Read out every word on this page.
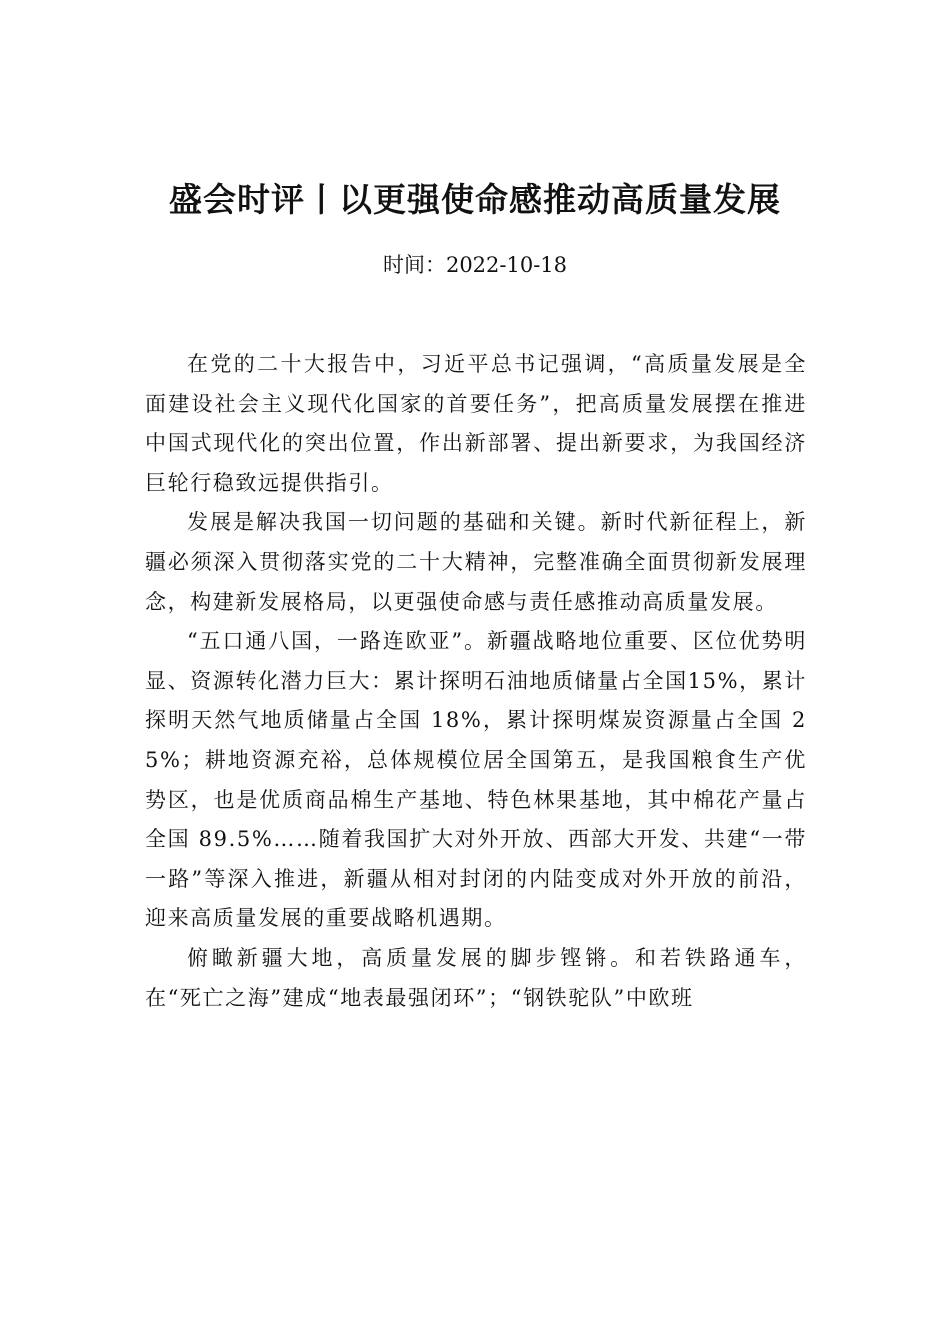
盛会时评丨以更强使命感推动高质量发展
时间：2022-10-18

在党的二十大报告中，习近平总书记强调，“高质量发展是全面建设社会主义现代化国家的首要任务”，把高质量发展摆在推进中国式现代化的突出位置，作出新部署、提出新要求，为我国经济巨轮行稳致远提供指引。

发展是解决我国一切问题的基础和关键。新时代新征程上，新疆必须深入贯彻落实党的二十大精神，完整准确全面贯彻新发展理念，构建新发展格局，以更强使命感与责任感推动高质量发展。

“五口通八国，一路连欧亚”。新疆战略地位重要、区位优势明显、资源转化潜力巨大：累计探明石油地质储量占全国15%，累计探明天然气地质储量占全国 18%，累计探明煤炭资源量占全国 25%；耕地资源充裕，总体规模位居全国第五，是我国粮食生产优势区，也是优质商品棉生产基地、特色林果基地，其中棉花产量占全国 89.5%……随着我国扩大对外开放、西部大开发、共建“一带一路”等深入推进，新疆从相对封闭的内陆变成对外开放的前沿，迎来高质量发展的重要战略机遇期。

俯瞰新疆大地，高质量发展的脚步铿锵。和若铁路通车，在“死亡之海”建成“地表最强闭环”；“钢铁驼队”中欧班
